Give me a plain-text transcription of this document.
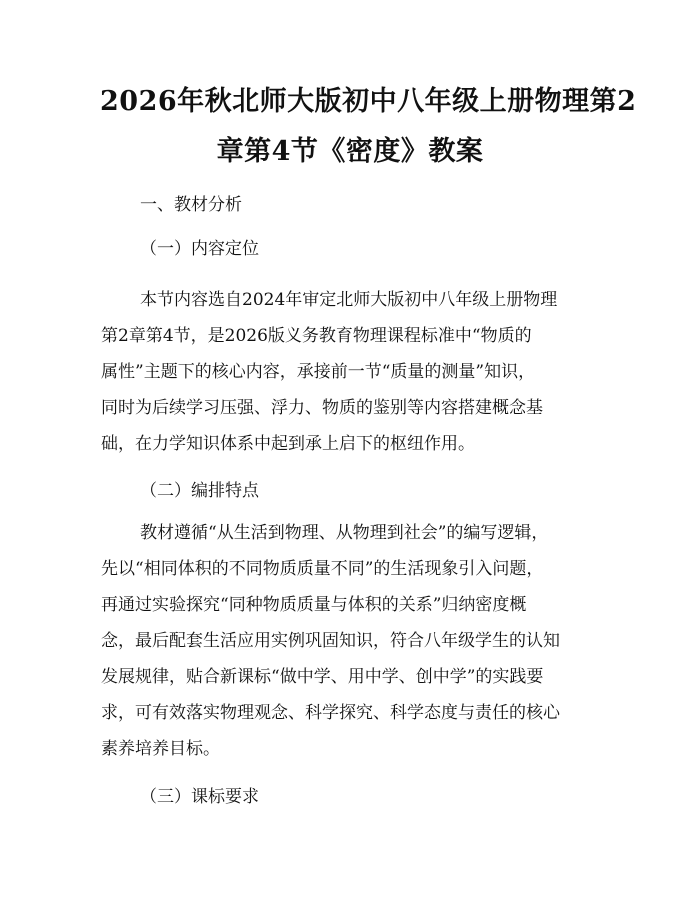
2026年秋北师大版初中八年级上册物理第2
章第4节《密度》教案
一、教材分析
（一）内容定位
本节内容选自2024年审定北师大版初中八年级上册物理
第2章第4节，是2026版义务教育物理课程标准中“物质的
属性”主题下的核心内容，承接前一节“质量的测量”知识，
同时为后续学习压强、浮力、物质的鉴别等内容搭建概念基
础，在力学知识体系中起到承上启下的枢纽作用。
（二）编排特点
教材遵循“从生活到物理、从物理到社会”的编写逻辑，
先以“相同体积的不同物质质量不同”的生活现象引入问题，
再通过实验探究“同种物质质量与体积的关系”归纳密度概
念，最后配套生活应用实例巩固知识，符合八年级学生的认知
发展规律，贴合新课标“做中学、用中学、创中学”的实践要
求，可有效落实物理观念、科学探究、科学态度与责任的核心
素养培养目标。
（三）课标要求
